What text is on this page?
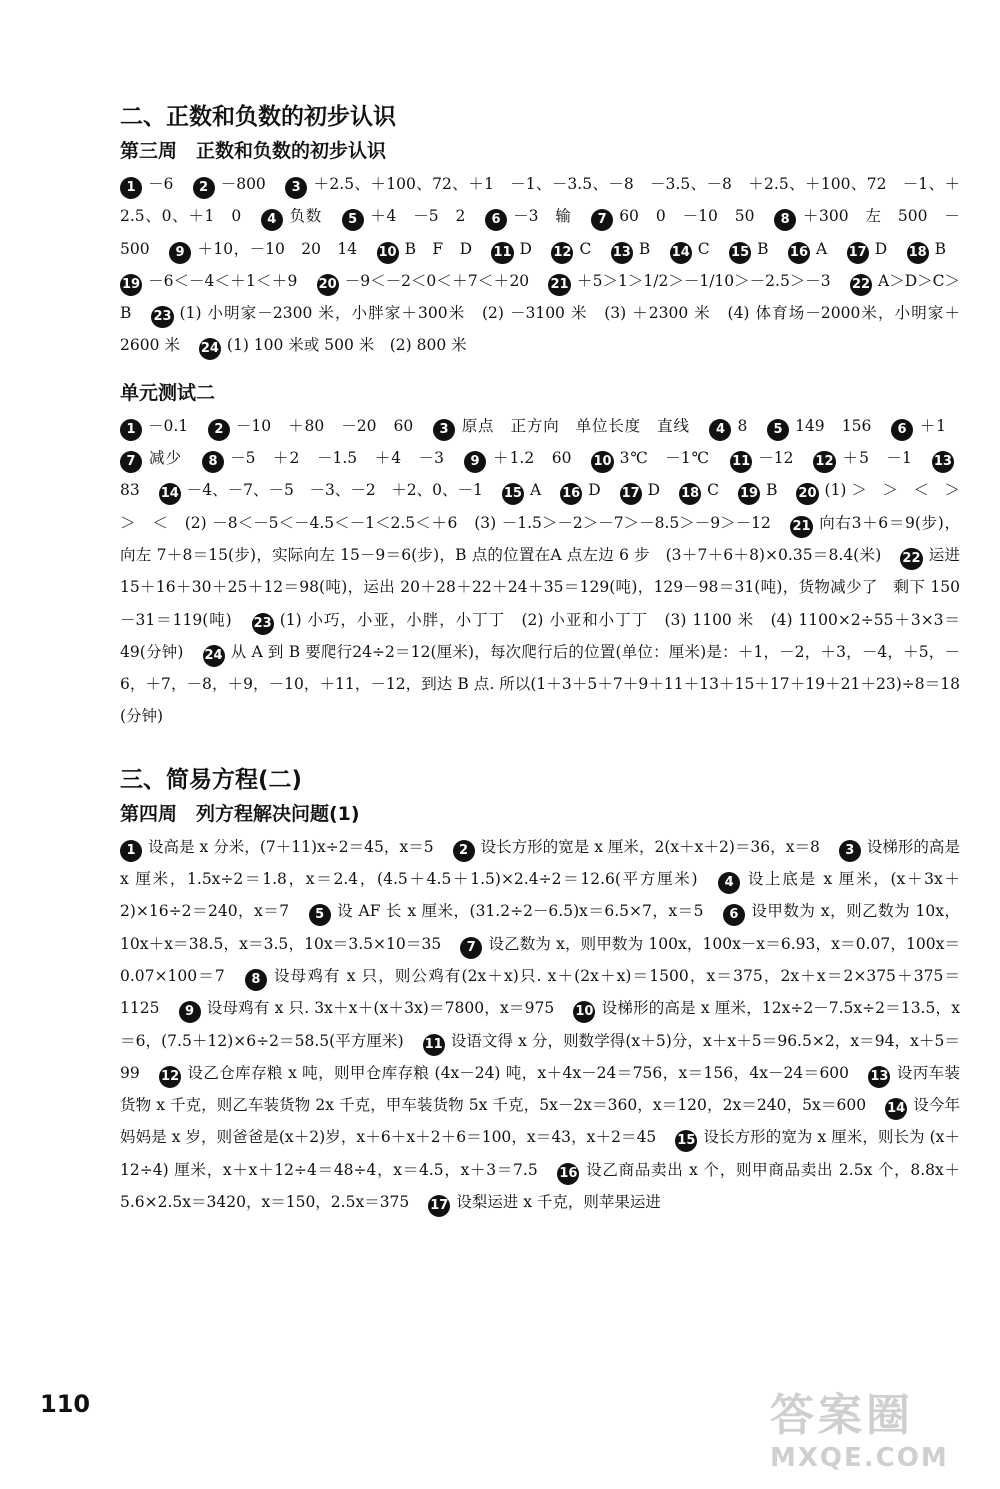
二、正数和负数的初步认识
第三周　正数和负数的初步认识
1 －6 2 －800 3 ＋2.5、＋100、72、＋1　－1、－3.5、－8　－3.5、－8　＋2.5、＋100、72　－1、＋2.5、0、＋1　0 4 负数 5 ＋4　－5　2 6 －3　输 7 60　0　－10　50 8 ＋300　左　500　－500 9 ＋10，－10　20　14 10 B　F　D 11 D 12 C 13 B 14 C 15 B 16 A 17 D 18 B 19 －6＜－4＜＋1＜＋9 20 －9＜－2＜0＜＋7＜＋20 21 ＋5＞1＞1/2＞－1/10＞－2.5＞－3 22 A＞D＞C＞B 23 (1) 小明家－2300 米，小胖家＋300米　(2) －3100 米　(3) ＋2300 米　(4) 体育场－2000米，小明家＋2600 米 24 (1) 100 米或 500 米　(2) 800 米
单元测试二
1 －0.1 2 －10　＋80　－20　60 3 原点　正方向　单位长度　直线 4 8 5 149　156 6 ＋1 7 减少 8 －5　＋2　－1.5　＋4　－3 9 ＋1.2　60 10 3℃　－1℃ 11 －12 12 ＋5　－1 1383 14 －4、－7、－5　－3、－2　＋2、0、－1 15 A 16 D 17 D 18 C 19 B 20 (1) ＞　＞　＜　＞　＞　＜　(2) －8＜－5＜－4.5＜－1＜2.5＜＋6　(3) －1.5＞－2＞－7＞－8.5＞－9＞－12 21 向右3＋6＝9(步)，向左 7＋8＝15(步)，实际向左 15－9＝6(步)，B 点的位置在A 点左边 6 步　(3＋7＋6＋8)×0.35＝8.4(米) 22 运进 15＋16＋30＋25＋12＝98(吨)，运出 20＋28＋22＋24＋35＝129(吨)，129－98＝31(吨)，货物减少了　剩下 150－31＝119(吨) 23 (1) 小巧，小亚，小胖，小丁丁　(2) 小亚和小丁丁　(3) 1100 米　(4) 1100×2÷55＋3×3＝49(分钟) 24 从 A 到 B 要爬行24÷2＝12(厘米)，每次爬行后的位置(单位：厘米)是：＋1，－2，＋3，－4，＋5，－6，＋7，－8，＋9，－10，＋11，－12，到达 B 点. 所以(1＋3＋5＋7＋9＋11＋13＋15＋17＋19＋21＋23)÷8＝18 (分钟)
三、简易方程(二)
第四周　列方程解决问题(1)
1 设高是 x 分米，(7＋11)x÷2＝45，x＝5 2 设长方形的宽是 x 厘米，2(x＋x＋2)＝36，x＝8 3 设梯形的高是 x 厘米，1.5x÷2＝1.8，x＝2.4，(4.5＋4.5＋1.5)×2.4÷2＝12.6(平方厘米) 4 设上底是 x 厘米，(x＋3x＋2)×16÷2＝240，x＝7 5 设 AF 长 x 厘米，(31.2÷2－6.5)x＝6.5×7，x＝5 6 设甲数为 x，则乙数为 10x，10x＋x＝38.5，x＝3.5，10x＝3.5×10＝35 7 设乙数为 x，则甲数为 100x，100x－x＝6.93，x＝0.07，100x＝0.07×100＝7 8 设母鸡有 x 只，则公鸡有(2x＋x)只. x＋(2x＋x)＝1500，x＝375，2x＋x＝2×375＋375＝1125 9 设母鸡有 x 只. 3x＋x＋(x＋3x)＝7800，x＝975 10 设梯形的高是 x 厘米，12x÷2－7.5x÷2＝13.5，x＝6，(7.5＋12)×6÷2＝58.5(平方厘米) 11 设语文得 x 分，则数学得(x＋5)分，x＋x＋5＝96.5×2，x＝94，x＋5＝99 12 设乙仓库存粮 x 吨，则甲仓库存粮 (4x－24) 吨，x＋4x－24＝756，x＝156，4x－24＝600 13 设丙车装货物 x 千克，则乙车装货物 2x 千克，甲车装货物 5x 千克，5x－2x＝360，x＝120，2x＝240，5x＝600 14 设今年妈妈是 x 岁，则爸爸是(x＋2)岁，x＋6＋x＋2＋6＝100，x＝43，x＋2＝45 15 设长方形的宽为 x 厘米，则长为 (x＋12÷4) 厘米，x＋x＋12÷4＝48÷4，x＝4.5，x＋3＝7.5 16 设乙商品卖出 x 个，则甲商品卖出 2.5x 个，8.8x＋5.6×2.5x＝3420，x＝150，2.5x＝375 17 设梨运进 x 千克，则苹果运进
110	答案圈
MXQE.COM
